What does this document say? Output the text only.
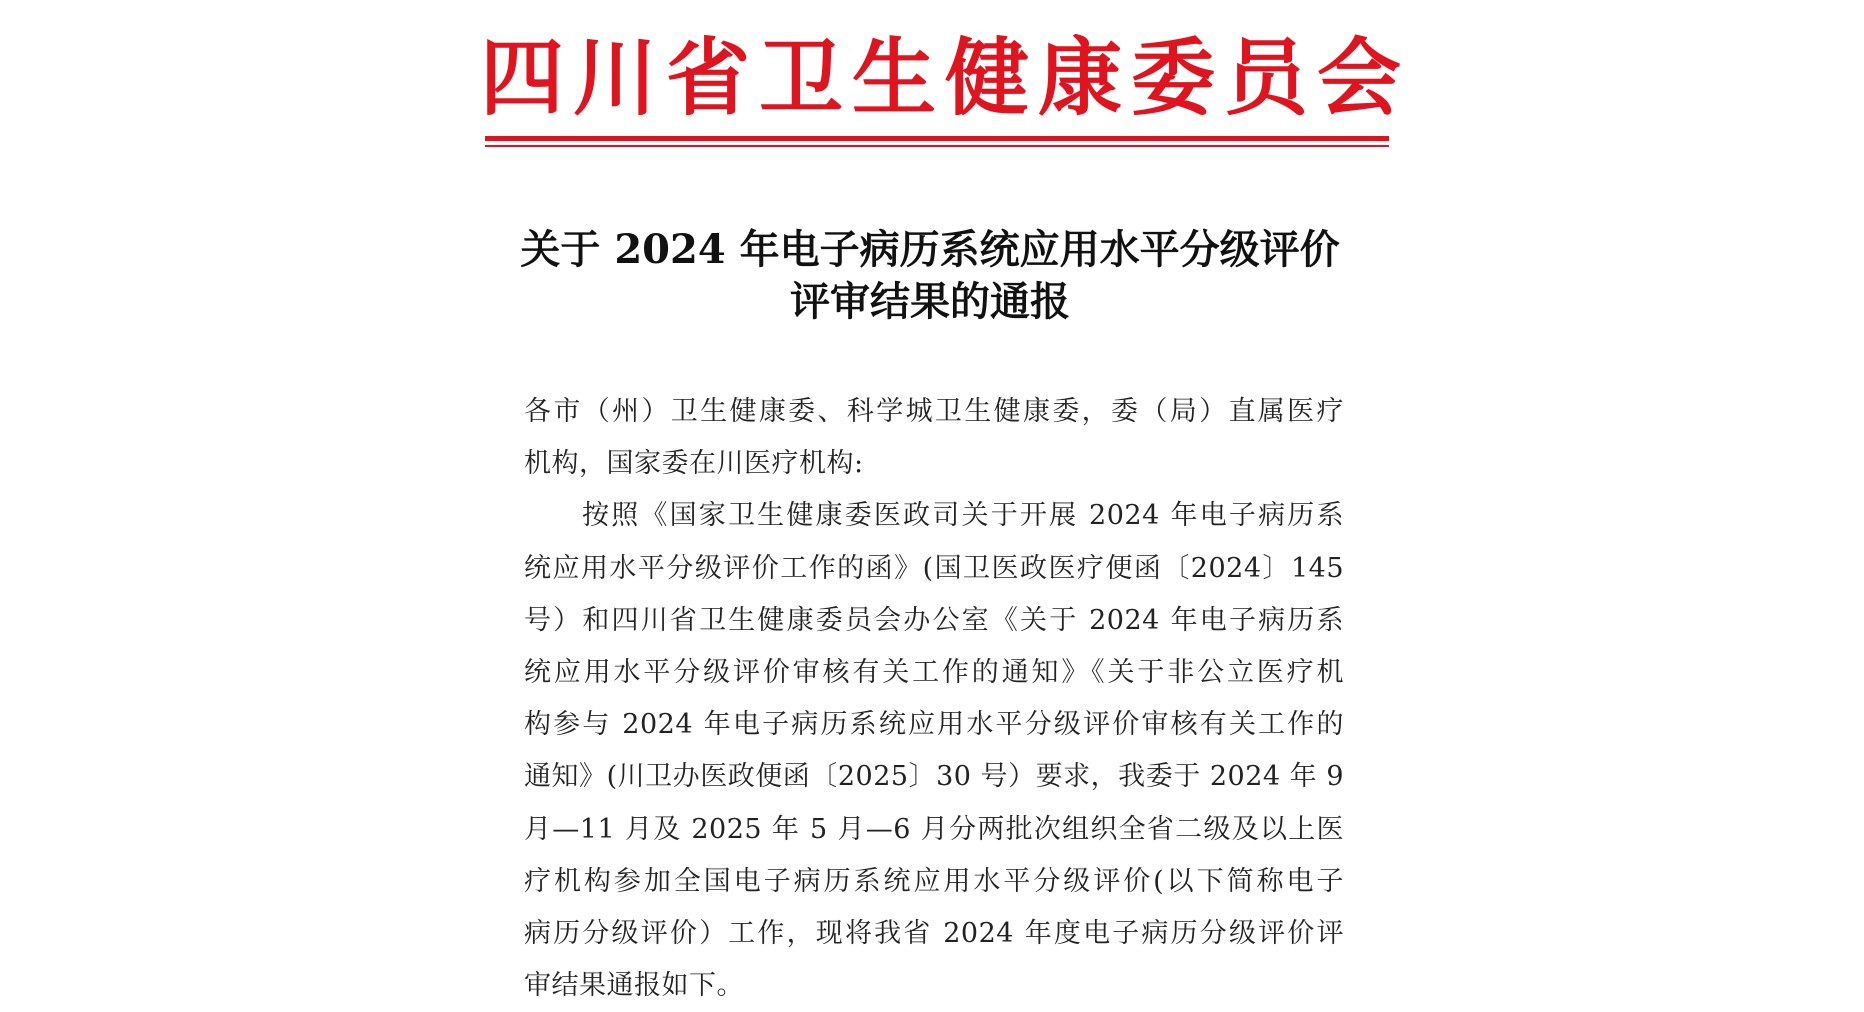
四川省卫生健康委员会
关于 2024 年电子病历系统应用水平分级评价
评审结果的通报
各市（州）卫生健康委、科学城卫生健康委，委（局）直属医疗
机构，国家委在川医疗机构:
按照《国家卫生健康委医政司关于开展 2024 年电子病历系
统应用水平分级评价工作的函》(国卫医政医疗便函〔2024〕145
号）和四川省卫生健康委员会办公室《关于 2024 年电子病历系
统应用水平分级评价审核有关工作的通知》《关于非公立医疗机
构参与 2024 年电子病历系统应用水平分级评价审核有关工作的
通知》(川卫办医政便函〔2025〕30 号）要求，我委于 2024 年 9
月—11 月及 2025 年 5 月—6 月分两批次组织全省二级及以上医
疗机构参加全国电子病历系统应用水平分级评价(以下简称电子
病历分级评价）工作，现将我省 2024 年度电子病历分级评价评
审结果通报如下。
